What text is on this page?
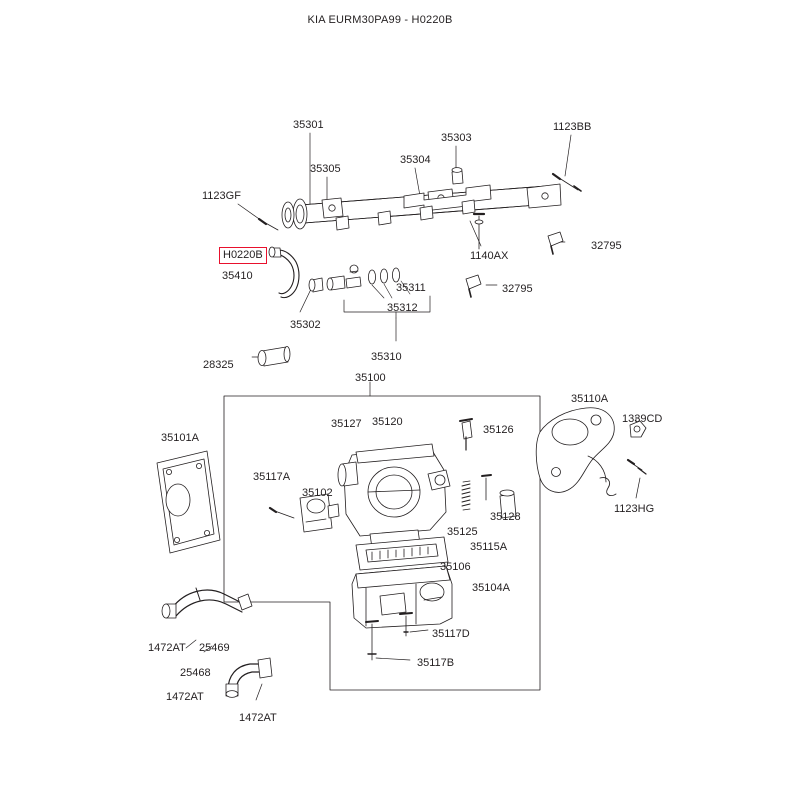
KIA EURM30PA99 - H0220B
35301
35303
1123BB
35305
35304
1123GF
1140AX
32795
H0220B
35410
35311	32795
35312
35302
35310
28325
35100
35110A
1339CD
35127 35120
35126
35101A
35117A
35102
1123HG
35125
35128
35115A
35106
35104A
35117D
1472AT 25469
35117B
25468
1472AT
1472AT
